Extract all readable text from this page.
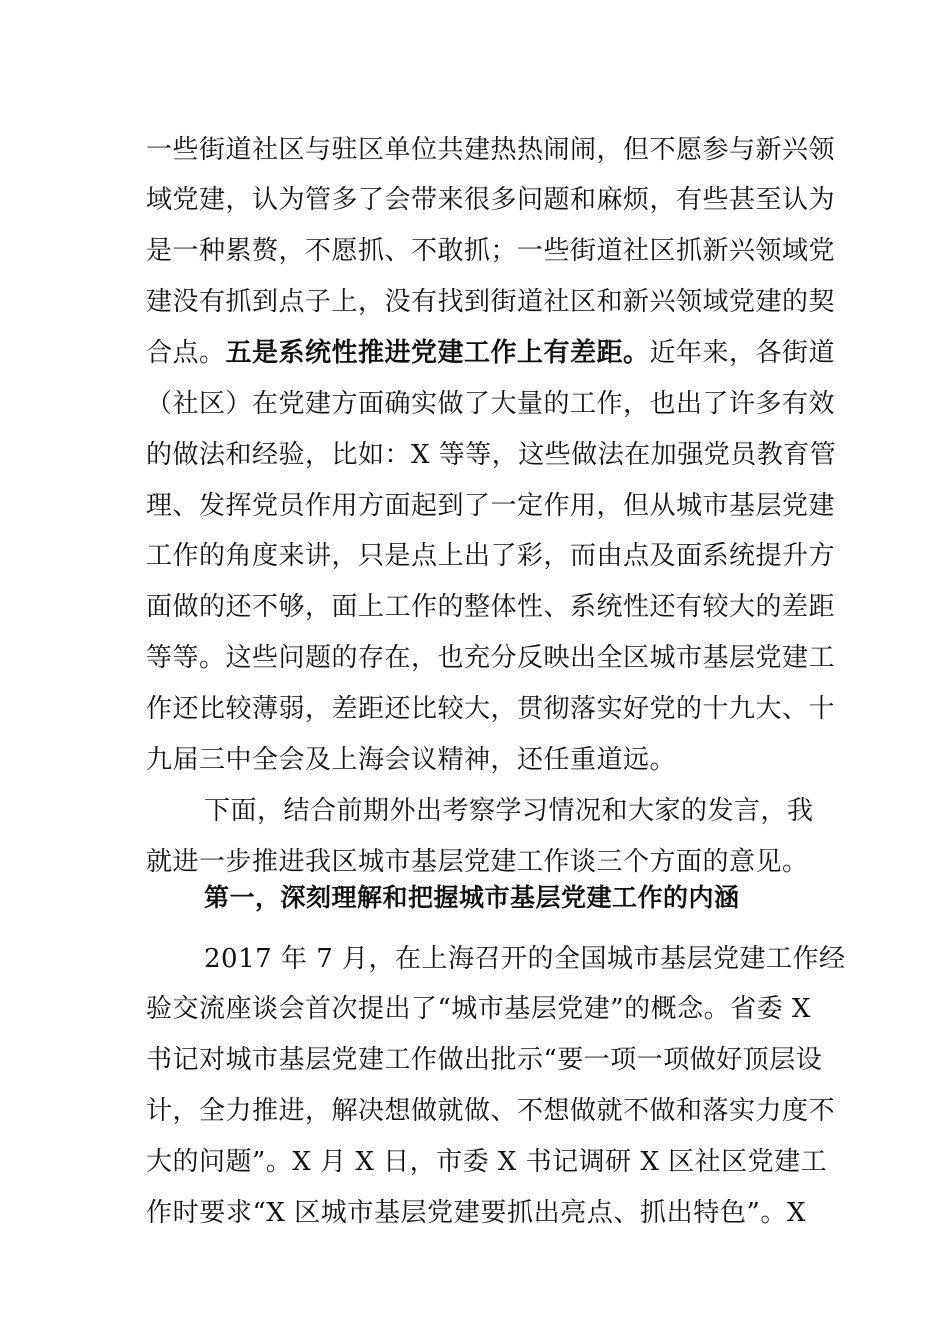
一些街道社区与驻区单位共建热热闹闹，但不愿参与新兴领
域党建，认为管多了会带来很多问题和麻烦，有些甚至认为
是一种累赘，不愿抓、不敢抓；一些街道社区抓新兴领域党
建没有抓到点子上，没有找到街道社区和新兴领域党建的契
合点。五是系统性推进党建工作上有差距。近年来，各街道
（社区）在党建方面确实做了大量的工作，也出了许多有效
的做法和经验，比如：X 等等，这些做法在加强党员教育管
理、发挥党员作用方面起到了一定作用，但从城市基层党建
工作的角度来讲，只是点上出了彩，而由点及面系统提升方
面做的还不够，面上工作的整体性、系统性还有较大的差距
等等。这些问题的存在，也充分反映出全区城市基层党建工
作还比较薄弱，差距还比较大，贯彻落实好党的十九大、十
九届三中全会及上海会议精神，还任重道远。
下面，结合前期外出考察学习情况和大家的发言，我
就进一步推进我区城市基层党建工作谈三个方面的意见。
第一，深刻理解和把握城市基层党建工作的内涵
2017 年 7 月，在上海召开的全国城市基层党建工作经
验交流座谈会首次提出了“城市基层党建”的概念。省委 X
书记对城市基层党建工作做出批示“要一项一项做好顶层设
计，全力推进，解决想做就做、不想做就不做和落实力度不
大的问题”。X 月 X 日，市委 X 书记调研 X 区社区党建工
作时要求“X 区城市基层党建要抓出亮点、抓出特色”。X
